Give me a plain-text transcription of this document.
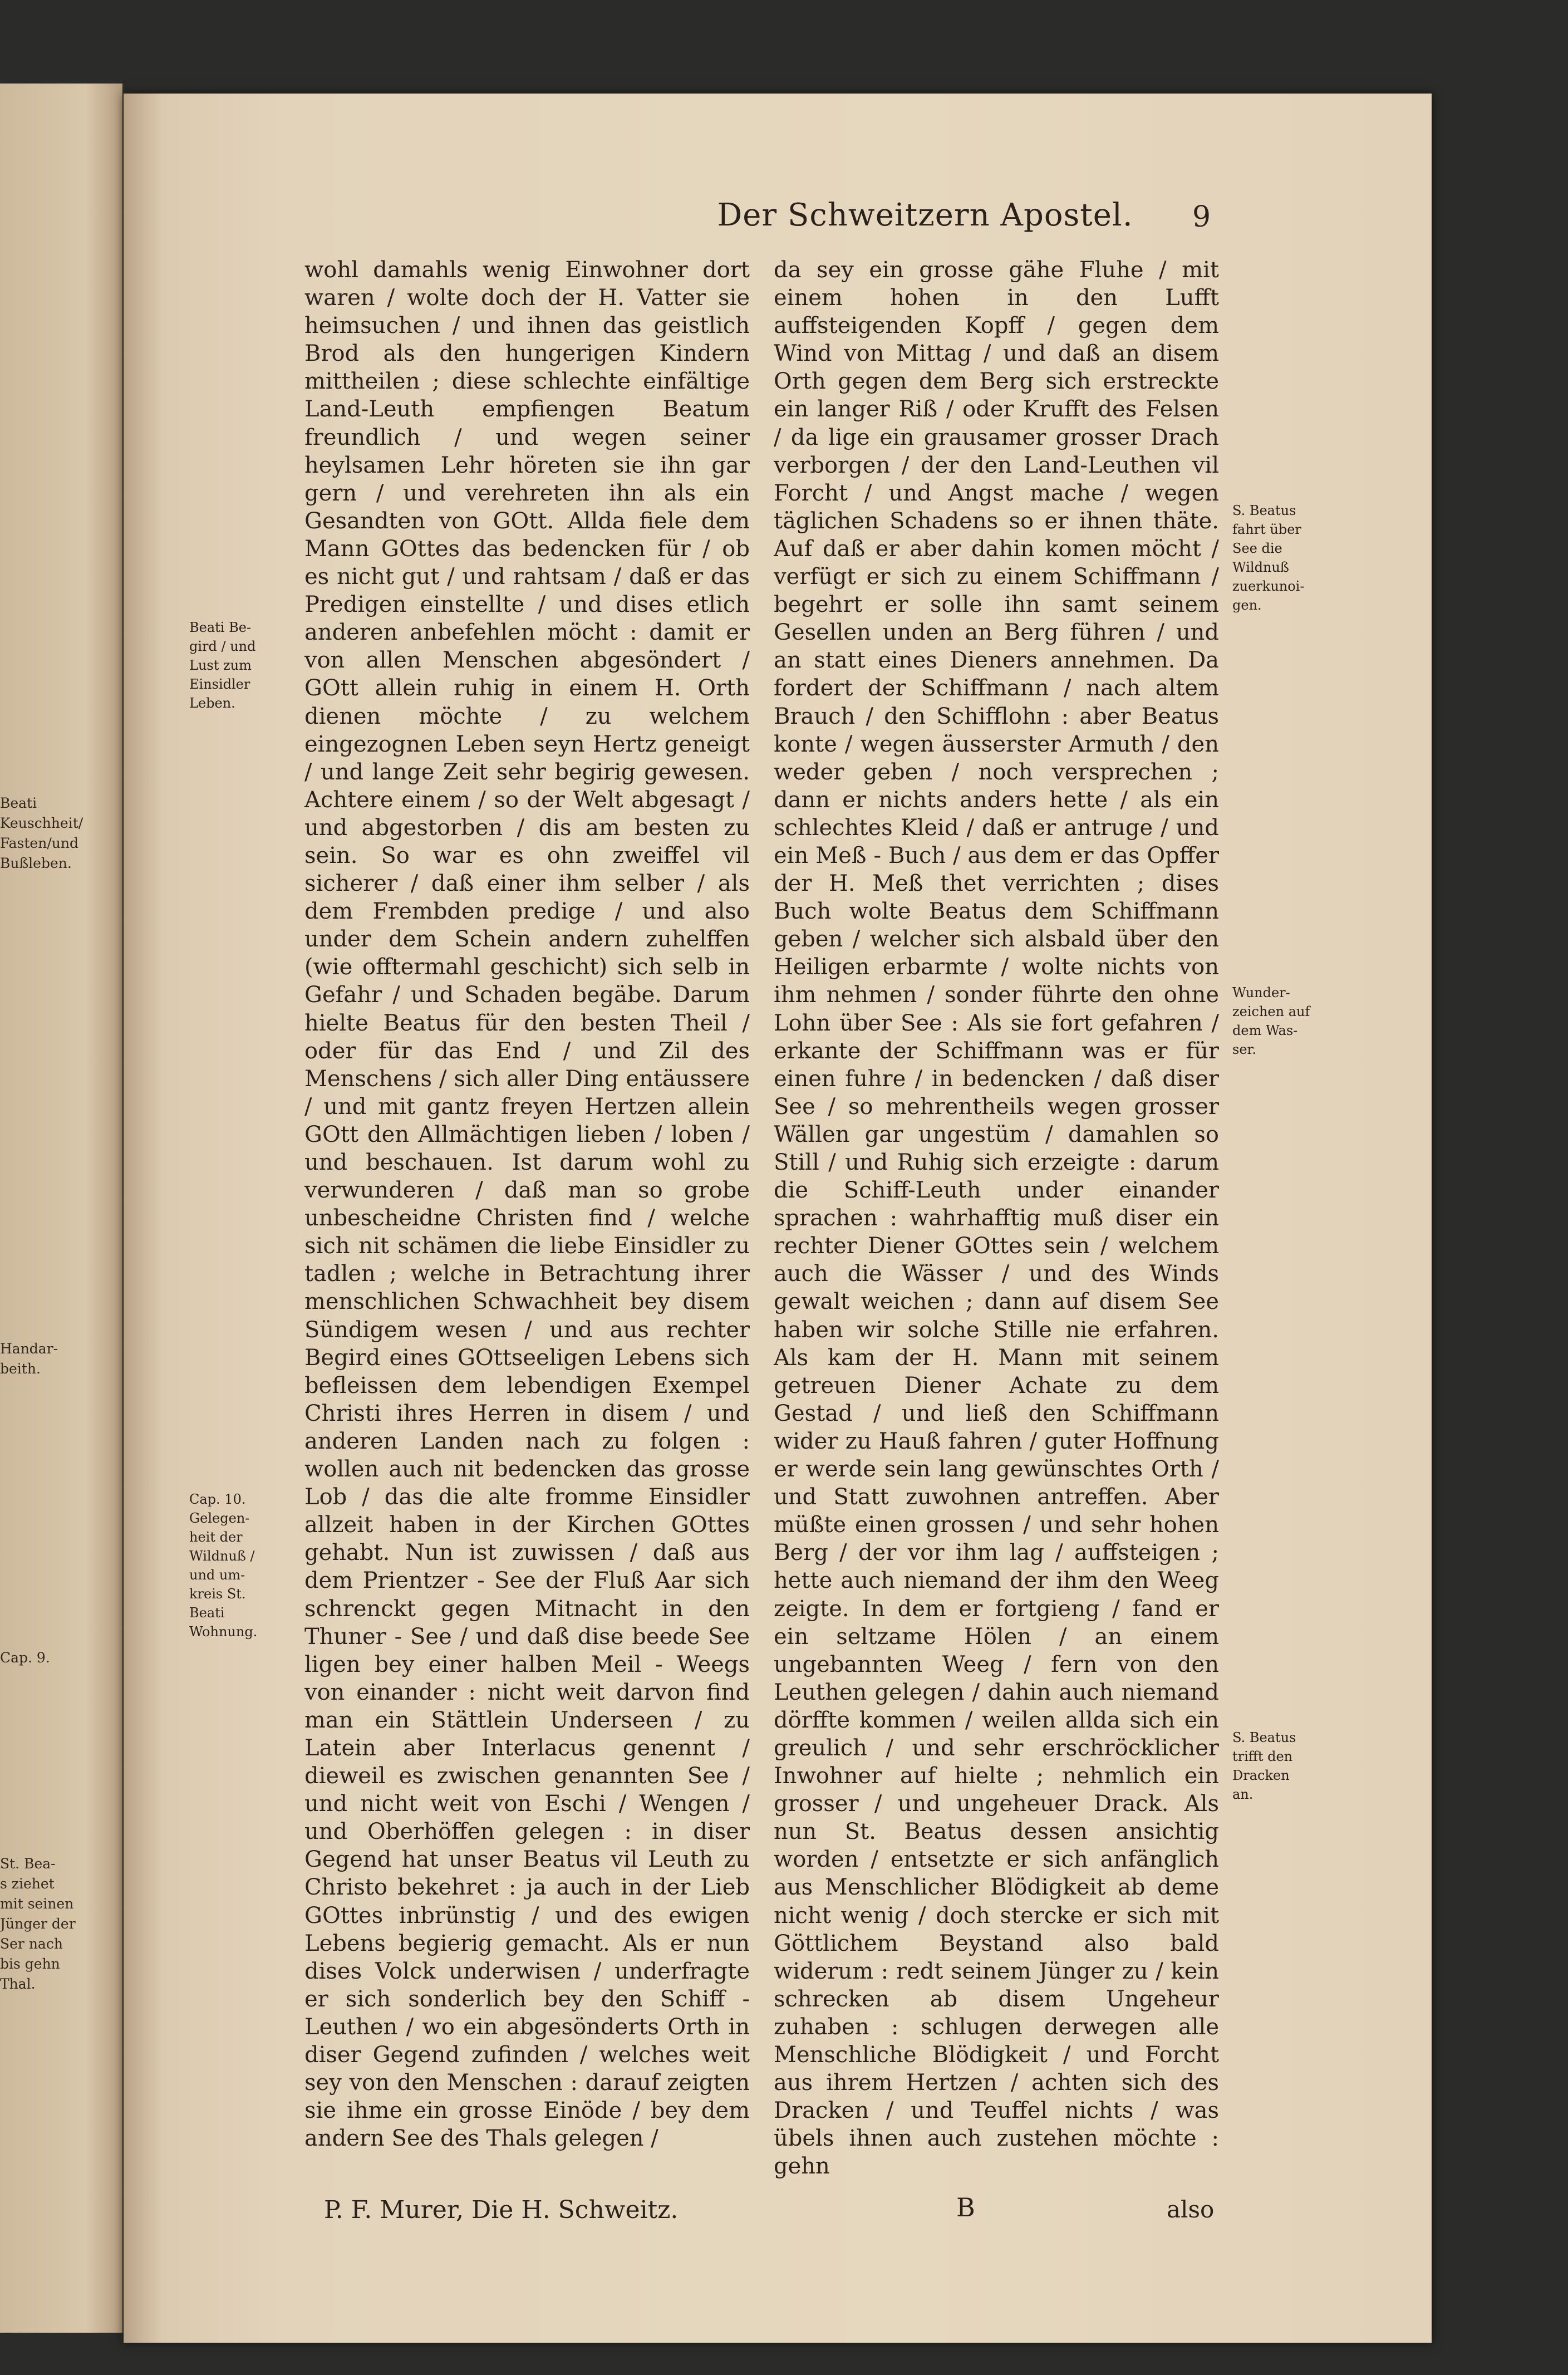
Beati
Keuschheit/
Fasten/und
Bußleben.
Handar-
beith.
Cap. 9.
St. Bea-
s ziehet
mit seinen
Jünger der
Ser nach
bis gehn
Thal.
Der Schweitzern Apostel.	9
Beati Be-
gird / und
Lust zum
Einsidler
Leben.
Cap. 10.
Gelegen-
heit der
Wildnuß /
und um-
kreis St.
Beati
Wohnung.
wohl damahls wenig Einwohner dort waren / wolte doch der H. Vatter sie heimsuchen / und ihnen das geistlich Brod als den hungerigen Kindern mittheilen ; diese schlechte einfältige Land-Leuth empfiengen Beatum freundlich / und wegen seiner heylsamen Lehr höreten sie ihn gar gern / und verehreten ihn als ein Gesandten von GOtt. Allda fiele dem Mann GOttes das bedencken für / ob es nicht gut / und rahtsam / daß er das Predigen einstellte / und dises etlich anderen anbefehlen möcht : damit er von allen Menschen abgesöndert / GOtt allein ruhig in einem H. Orth dienen möchte / zu welchem eingezognen Leben seyn Hertz geneigt / und lange Zeit sehr begirig gewesen. Achtere einem / so der Welt abgesagt / und abgestorben / dis am besten zu sein. So war es ohn zweiffel vil sicherer / daß einer ihm selber / als dem Frembden predige / und also under dem Schein andern zuhelffen (wie offtermahl geschicht) sich selb in Gefahr / und Schaden begäbe. Darum hielte Beatus für den besten Theil / oder für das End / und Zil des Menschens / sich aller Ding entäussere / und mit gantz freyen Hertzen allein GOtt den Allmächtigen lieben / loben / und beschauen. Ist darum wohl zu verwunderen / daß man so grobe unbescheidne Christen find / welche sich nit schämen die liebe Einsidler zu tadlen ; welche in Betrachtung ihrer menschlichen Schwachheit bey disem Sündigem wesen / und aus rechter Begird eines GOttseeligen Lebens sich befleissen dem lebendigen Exempel Christi ihres Herren in disem / und anderen Landen nach zu folgen : wollen auch nit bedencken das grosse Lob / das die alte fromme Einsidler allzeit haben in der Kirchen GOttes gehabt. Nun ist zuwissen / daß aus dem Prientzer - See der Fluß Aar sich schrenckt gegen Mitnacht in den Thuner - See / und daß dise beede See ligen bey einer halben Meil - Weegs von einander : nicht weit darvon find man ein Stättlein Undersеen / zu Latein aber Interlacus genennt / dieweil es zwischen genannten See / und nicht weit von Eschi / Wengen / und Oberhöffen gelegen : in diser Gegend hat unser Beatus vil Leuth zu Christo bekehret : ja auch in der Lieb GOttes inbrünstig / und des ewigen Lebens begierig gemacht. Als er nun dises Volck underwisen / underfragte er sich sonderlich bey den Schiff - Leuthen / wo ein abgesönderts Orth in diser Gegend zufinden / welches weit sey von den Menschen : darauf zeigten sie ihme ein grosse Einöde / bey dem andern See des Thals gelegen /
da sey ein grosse gähe Fluhe / mit einem hohen in den Lufft auffsteigenden Kopff / gegen dem Wind von Mittag / und daß an disem Orth gegen dem Berg sich erstreckte ein langer Riß / oder Krufft des Felsen / da lige ein grausamer grosser Drach verborgen / der den Land-Leuthen vil Forcht / und Angst mache / wegen täglichen Schadens so er ihnen thäte. Auf daß er aber dahin komen möcht / verfügt er sich zu einem Schiffmann / begehrt er solle ihn samt seinem Gesellen unden an Berg führen / und an statt eines Dieners annehmen. Da fordert der Schiffmann / nach altem Brauch / den Schifflohn : aber Beatus konte / wegen äusserster Armuth / den weder geben / noch versprechen ; dann er nichts anders hette / als ein schlechtes Kleid / daß er antruge / und ein Meß - Buch / aus dem er das Opffer der H. Meß thet verrichten ; dises Buch wolte Beatus dem Schiffmann geben / welcher sich alsbald über den Heiligen erbarmte / wolte nichts von ihm nehmen / sonder führte den ohne Lohn über See : Als sie fort gefahren / erkante der Schiffmann was er für einen fuhre / in bedencken / daß diser See / so mehrentheils wegen grosser Wällen gar ungestüm / damahlen so Still / und Ruhig sich erzeigte : darum die Schiff-Leuth under einander sprachen : wahrhafftig muß diser ein rechter Diener GOttes sein / welchem auch die Wässer / und des Winds gewalt weichen ; dann auf disem See haben wir solche Stille nie erfahren. Als kam der H. Mann mit seinem getreuen Diener Achate zu dem Gestad / und ließ den Schiffmann wider zu Hauß fahren / guter Hoffnung er werde sein lang gewünschtes Orth / und Statt zuwohnen antreffen. Aber müßte einen grossen / und sehr hohen Berg / der vor ihm lag / auffsteigen ; hette auch niemand der ihm den Weeg zeigte. In dem er fortgieng / fand er ein seltzame Hölen / an einem ungebannten Weeg / fern von den Leuthen gelegen / dahin auch niemand dörffte kommen / weilen allda sich ein greulich / und sehr erschröcklicher Inwohner auf hielte ; nehmlich ein grosser / und ungeheuer Drack. Als nun St. Beatus dessen ansichtig worden / entsetzte er sich anfänglich aus Menschlicher Blödigkeit ab deme nicht wenig / doch stercke er sich mit Göttlichem Beystand also bald widerum : redt seinem Jünger zu / kein schrecken ab disem Ungeheur zuhaben : schlugen derwegen alle Menschliche Blödigkeit / und Forcht aus ihrem Hertzen / achten sich des Dracken / und Teuffel nichts / was übels ihnen auch zustehen möchte : gehn
S. Beatus
fahrt über
See die
Wildnuß
zuerkunoi-
gen.
Wunder-
zeichen auf
dem Was-
ser.
S. Beatus
trifft den
Dracken
an.
P. F. Murer, Die H. Schweitz.	B	also
